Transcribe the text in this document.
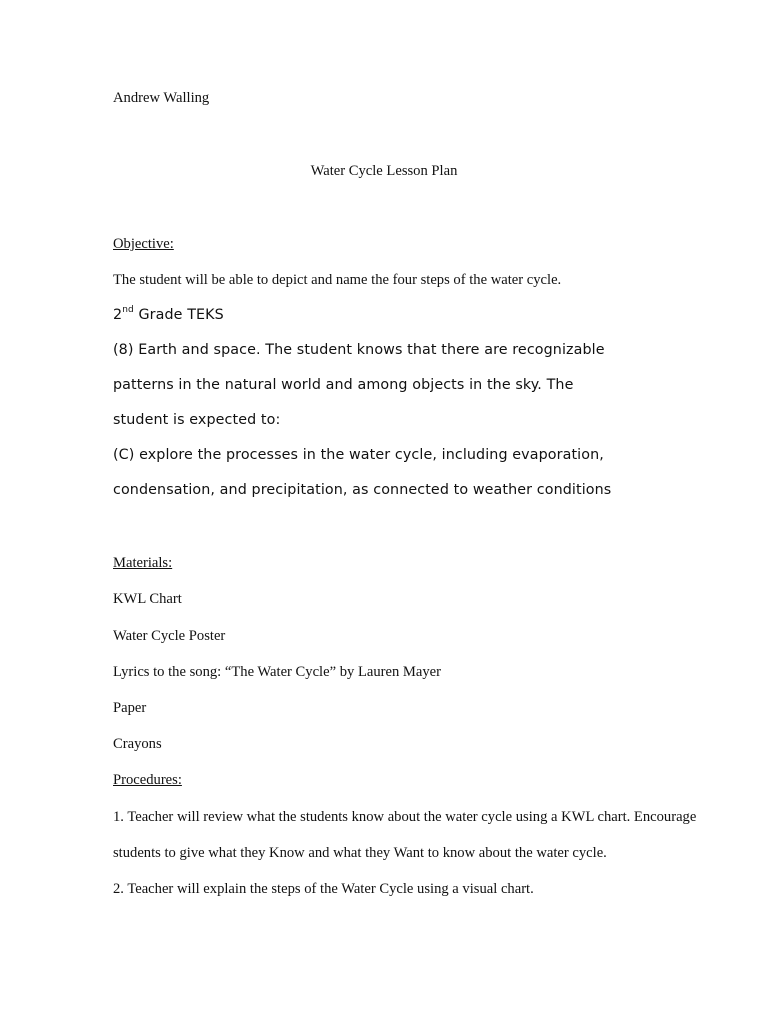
Andrew Walling
Water Cycle Lesson Plan
Objective:
The student will be able to depict and name the four steps of the water cycle.
2nd Grade TEKS
(8) Earth and space. The student knows that there are recognizable
patterns in the natural world and among objects in the sky. The
student is expected to:
(C) explore the processes in the water cycle, including evaporation,
condensation, and precipitation, as connected to weather conditions
Materials:
KWL Chart
Water Cycle Poster
Lyrics to the song: “The Water Cycle” by Lauren Mayer
Paper
Crayons
Procedures:
1. Teacher will review what the students know about the water cycle using a KWL chart. Encourage
students to give what they Know and what they Want to know about the water cycle.
2. Teacher will explain the steps of the Water Cycle using a visual chart.
